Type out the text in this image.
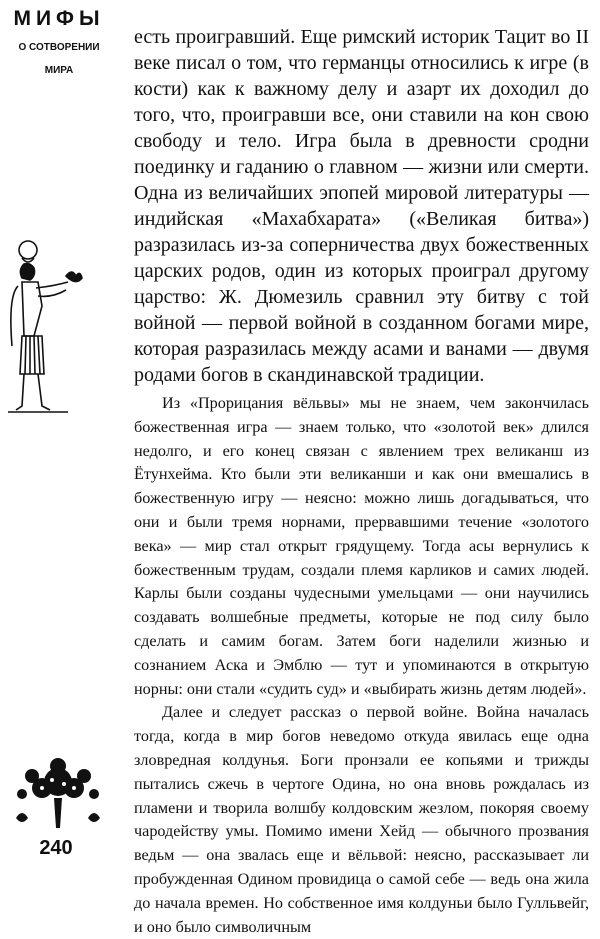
МИФЫ
О СОТВОРЕНИИ
МИРА
240

есть проигравший. Еще римский историк Тацит во II веке писал о том, что германцы относились к игре (в кости) как к важному делу и азарт их доходил до того, что, проигравши все, они ставили на кон свою свободу и тело. Игра была в древности сродни поединку и гаданию о главном — жизни или смерти. Одна из величайших эпопей мировой литературы — индийская «Махабхарата» («Великая битва») разразилась из-за соперничества двух божественных царских родов, один из которых проиграл другому царство: Ж. Дюмезиль сравнил эту битву с той войной — первой войной в созданном богами мире, которая разразилась между асами и ванами — двумя родами богов в скандинавской традиции.

Из «Прорицания вёльвы» мы не знаем, чем закончилась божественная игра — знаем только, что «золотой век» длился недолго, и его конец связан с явлением трех великанш из Ётунхейма. Кто были эти великанши и как они вмешались в божественную игру — неясно: можно лишь догадываться, что они и были тремя норнами, прервавшими течение «золотого века» — мир стал открыт грядущему. Тогда асы вернулись к божественным трудам, создали племя карликов и самих людей. Карлы были созданы чудесными умельцами — они научились создавать волшебные предметы, которые не под силу было сделать и самим богам. Затем боги наделили жизнью и сознанием Аска и Эмблю — тут и упоминаются в открытую норны: они стали «судить суд» и «выбирать жизнь детям людей».

Далее и следует рассказ о первой войне. Война началась тогда, когда в мир богов неведомо откуда явилась еще одна зловредная колдунья. Боги пронзали ее копьями и трижды пытались сжечь в чертоге Одина, но она вновь рождалась из пламени и творила волшбу колдовским жезлом, покоряя своему чародейству умы. Помимо имени Хейд — обычного прозвания ведьм — она звалась еще и вёльвой: неясно, рассказывает ли пробужденная Одином провидица о самой себе — ведь она жила до начала времен. Но собственное имя колдуньи было Гулльвейг, и оно было символичным
